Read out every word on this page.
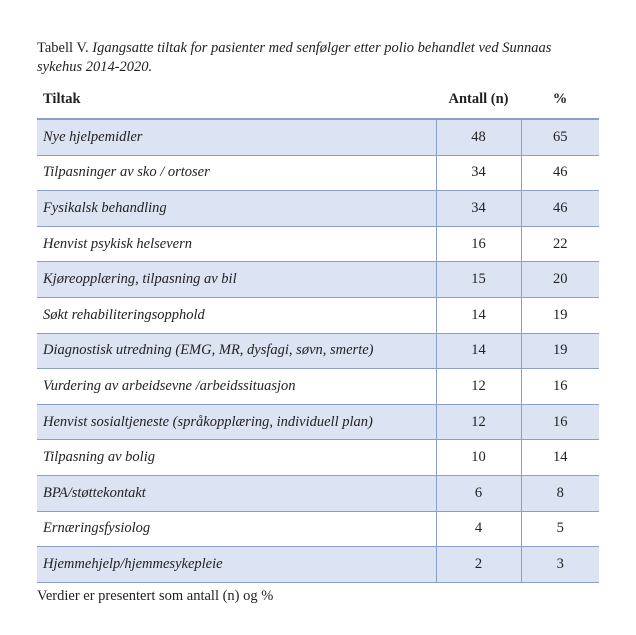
Tabell V. Igangsatte tiltak for pasienter med senfølger etter polio behandlet ved Sunnaas
sykehus 2014-2020.
Tiltak	Antall (n)	%
Nye hjelpemidler	48	65
Tilpasninger av sko / ortoser	34	46
Fysikalsk behandling	34	46
Henvist psykisk helsevern	16	22
Kjøreopplæring, tilpasning av bil	15	20
Søkt rehabiliteringsopphold	14	19
Diagnostisk utredning (EMG, MR, dysfagi, søvn, smerte)	14	19
Vurdering av arbeidsevne /arbeidssituasjon	12	16
Henvist sosialtjeneste (språkopplæring, individuell plan)	12	16
Tilpasning av bolig	10	14
BPA/støttekontakt	6	8
Ernæringsfysiolog	4	5
Hjemmehjelp/hjemmesykepleie	2	3
Verdier er presentert som antall (n) og %
